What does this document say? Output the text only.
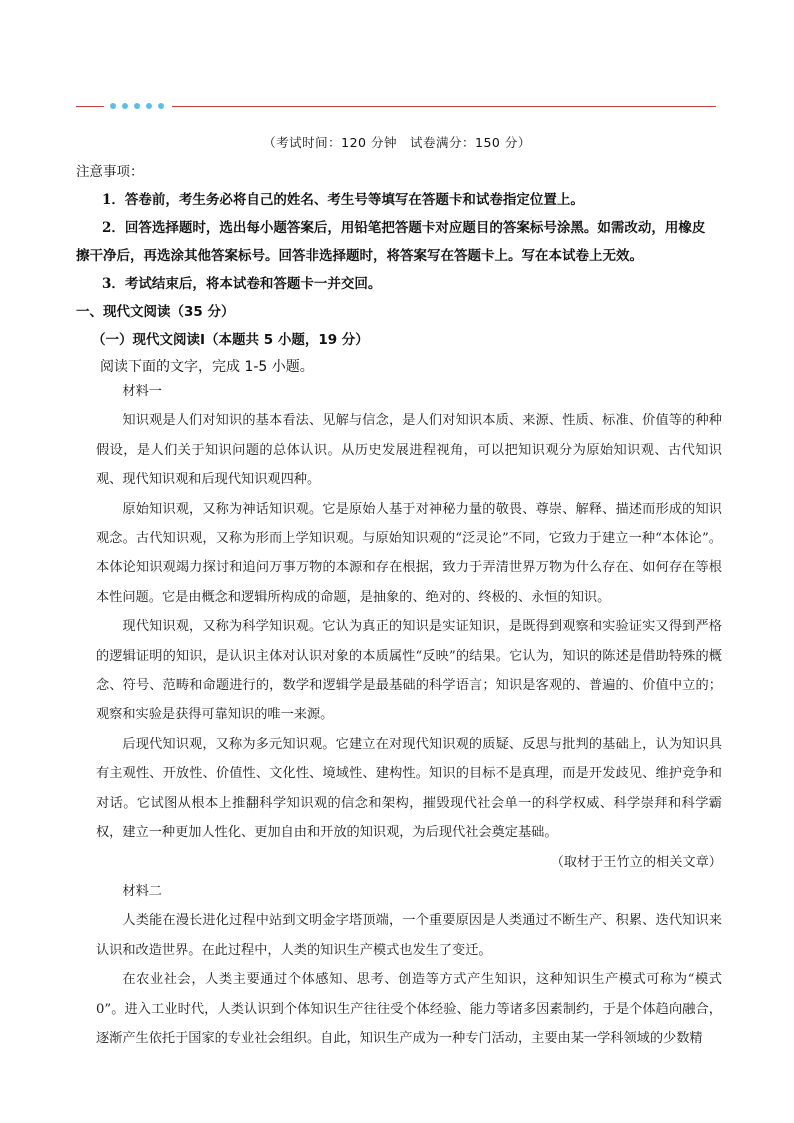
（考试时间：120 分钟　试卷满分：150 分）
注意事项：
1．答卷前，考生务必将自己的姓名、考生号等填写在答题卡和试卷指定位置上。
2．回答选择题时，选出每小题答案后，用铅笔把答题卡对应题目的答案标号涂黑。如需改动，用橡皮
擦干净后，再选涂其他答案标号。回答非选择题时，将答案写在答题卡上。写在本试卷上无效。
3．考试结束后，将本试卷和答题卡一并交回。
一、现代文阅读（35 分）
（一）现代文阅读Ⅰ（本题共 5 小题，19 分）
阅读下面的文字，完成 1-5 小题。

材料一

知识观是人们对知识的基本看法、见解与信念，是人们对知识本质、来源、性质、标准、价值等的种种假设，是人们关于知识问题的总体认识。从历史发展进程视角，可以把知识观分为原始知识观、古代知识观、现代知识观和后现代知识观四种。

原始知识观，又称为神话知识观。它是原始人基于对神秘力量的敬畏、尊崇、解释、描述而形成的知识观念。古代知识观，又称为形而上学知识观。与原始知识观的“泛灵论”不同，它致力于建立一种“本体论”。本体论知识观竭力探讨和追问万事万物的本源和存在根据，致力于弄清世界万物为什么存在、如何存在等根本性问题。它是由概念和逻辑所构成的命题，是抽象的、绝对的、终极的、永恒的知识。

现代知识观，又称为科学知识观。它认为真正的知识是实证知识，是既得到观察和实验证实又得到严格的逻辑证明的知识，是认识主体对认识对象的本质属性“反映”的结果。它认为，知识的陈述是借助特殊的概念、符号、范畴和命题进行的，数学和逻辑学是最基础的科学语言；知识是客观的、普遍的、价值中立的；观察和实验是获得可靠知识的唯一来源。

后现代知识观，又称为多元知识观。它建立在对现代知识观的质疑、反思与批判的基础上，认为知识具有主观性、开放性、价值性、文化性、境域性、建构性。知识的目标不是真理，而是开发歧见、维护竞争和对话。它试图从根本上推翻科学知识观的信念和架构，摧毁现代社会单一的科学权威、科学崇拜和科学霸权，建立一种更加人性化、更加自由和开放的知识观，为后现代社会奠定基础。

（取材于王竹立的相关文章）

材料二

人类能在漫长进化过程中站到文明金字塔顶端，一个重要原因是人类通过不断生产、积累、迭代知识来认识和改造世界。在此过程中，人类的知识生产模式也发生了变迁。

在农业社会，人类主要通过个体感知、思考、创造等方式产生知识，这种知识生产模式可称为“模式0”。进入工业时代，人类认识到个体知识生产往往受个体经验、能力等诸多因素制约，于是个体趋向融合，逐渐产生依托于国家的专业社会组织。自此，知识生产成为一种专门活动，主要由某一学科领域的少数精
